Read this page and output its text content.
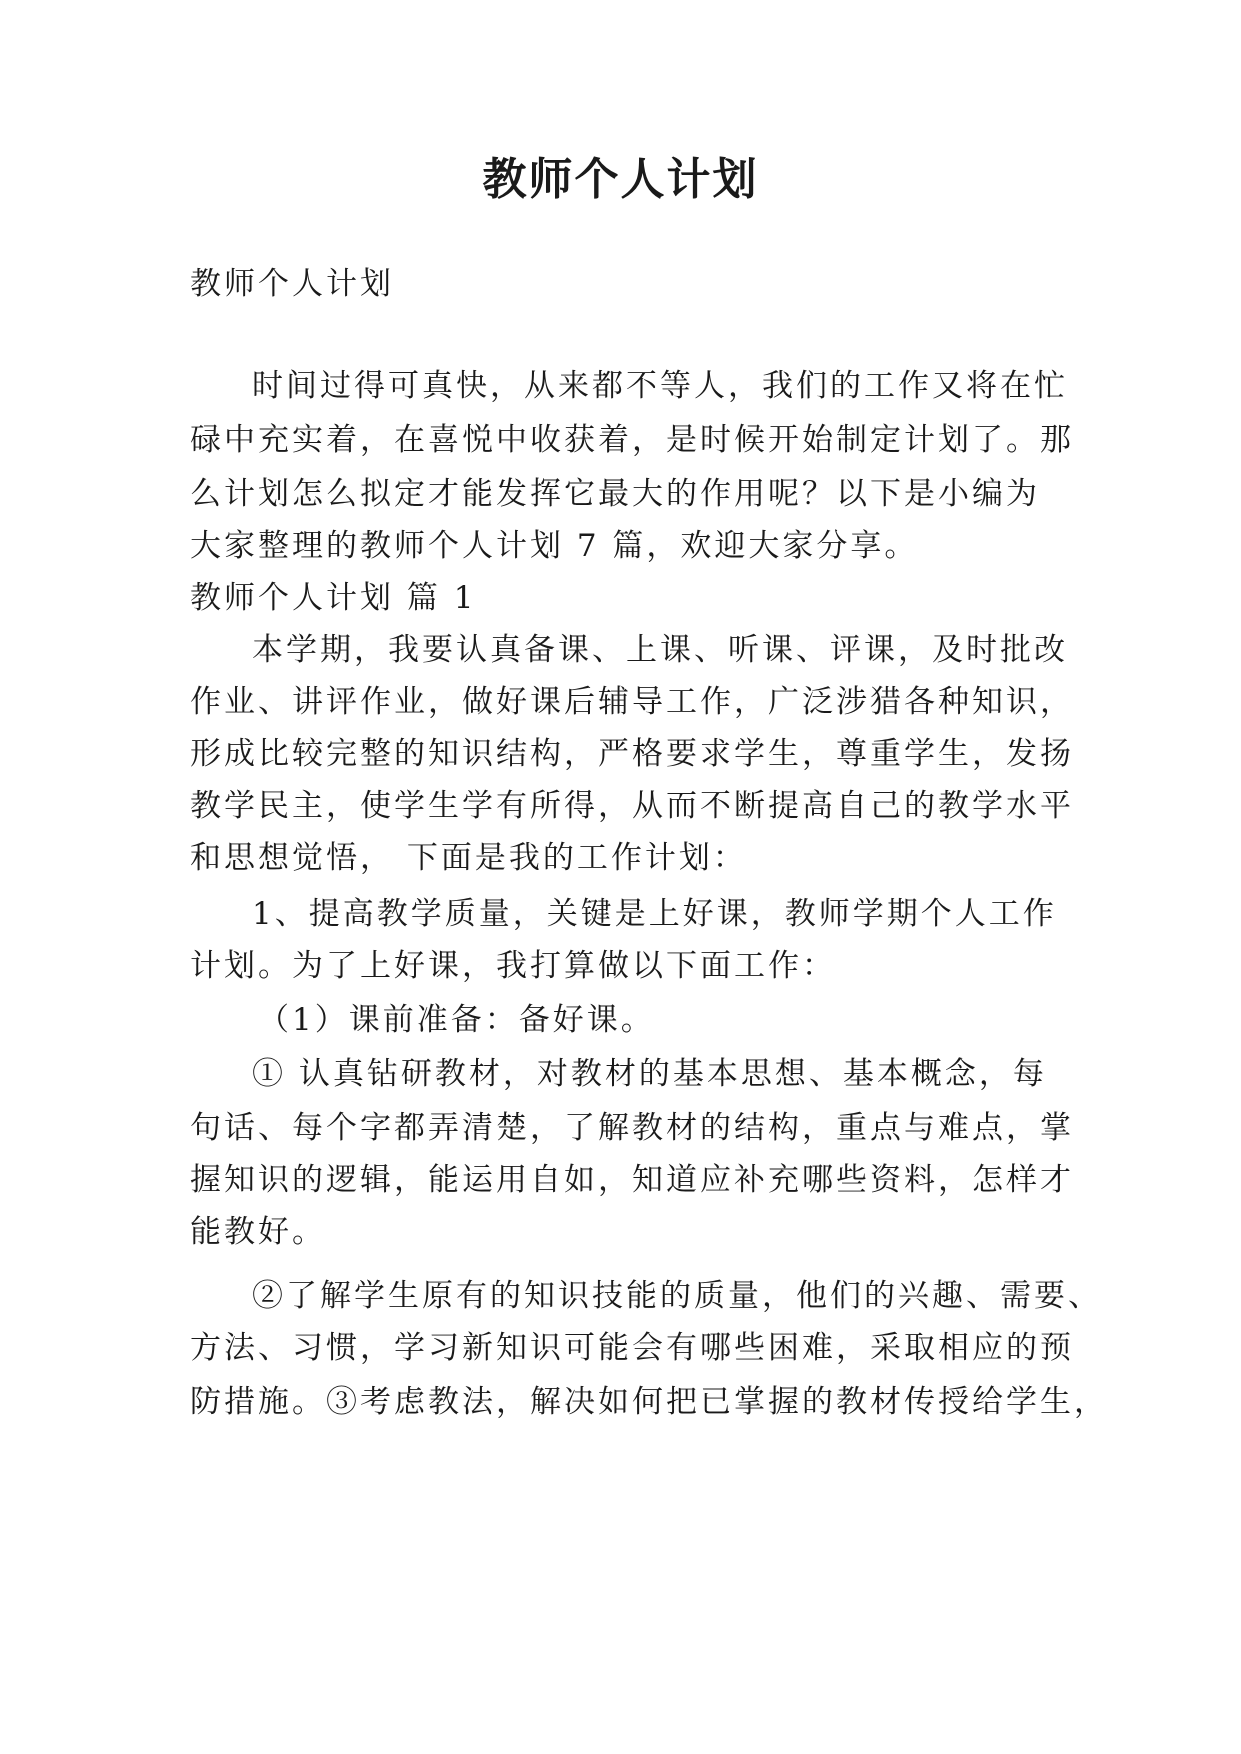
教师个人计划
教师个人计划
时间过得可真快，从来都不等人，我们的工作又将在忙
碌中充实着，在喜悦中收获着，是时候开始制定计划了。那
么计划怎么拟定才能发挥它最大的作用呢？以下是小编为
大家整理的教师个人计划 7 篇，欢迎大家分享。
教师个人计划 篇 1
本学期，我要认真备课、上课、听课、评课，及时批改
作业、讲评作业，做好课后辅导工作，广泛涉猎各种知识，
形成比较完整的知识结构，严格要求学生，尊重学生，发扬
教学民主，使学生学有所得，从而不断提高自己的教学水平
和思想觉悟， 下面是我的工作计划：
1、提高教学质量，关键是上好课，教师学期个人工作
计划。为了上好课，我打算做以下面工作：
（1）课前准备：备好课。
① 认真钻研教材，对教材的基本思想、基本概念，每
句话、每个字都弄清楚，了解教材的结构，重点与难点，掌
握知识的逻辑，能运用自如，知道应补充哪些资料，怎样才
能教好。
②了解学生原有的知识技能的质量，他们的兴趣、需要、
方法、习惯，学习新知识可能会有哪些困难，采取相应的预
防措施。③考虑教法，解决如何把已掌握的教材传授给学生，
